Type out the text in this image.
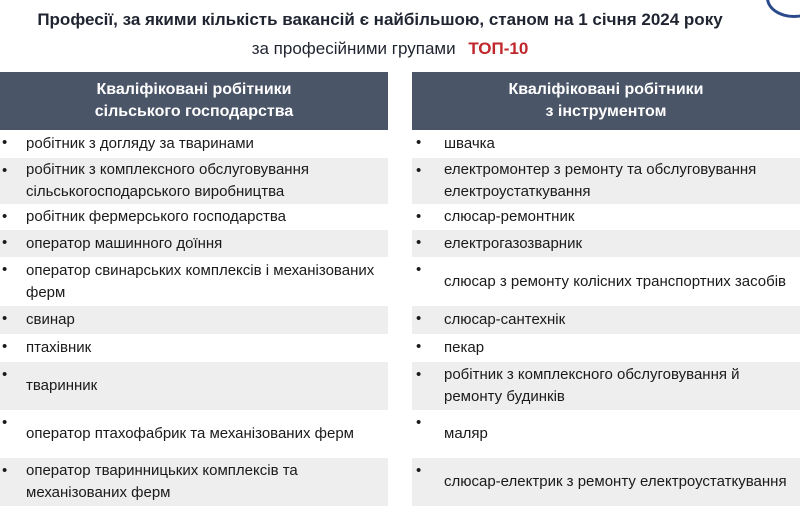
Професії, за якими кількість вакансій є найбільшою, станом на 1 січня 2024 року
за професійними групами ТОП-10
Кваліфіковані робітники
сільського господарства
• робітник з догляду за тваринами
• робітник з комплексного обслуговування сільськогосподарського виробництва
• робітник фермерського господарства
• оператор машинного доїння
• оператор свинарських комплексів і механізованих ферм
• свинар
• птахівник
•
тваринник
•
оператор птахофабрик та механізованих ферм
• оператор тваринницьких комплексів та механізованих ферм
Кваліфіковані робітники
з інструментом
• швачка
• електромонтер з ремонту та обслуговування електроустаткування
• слюсар-ремонтник
• електрогазозварник
•
слюсар з ремонту колісних транспортних засобів
• слюсар-сантехнік
• пекар
• робітник з комплексного обслуговування й ремонту будинків
•
маляр
•
слюсар-електрик з ремонту електроустаткування
